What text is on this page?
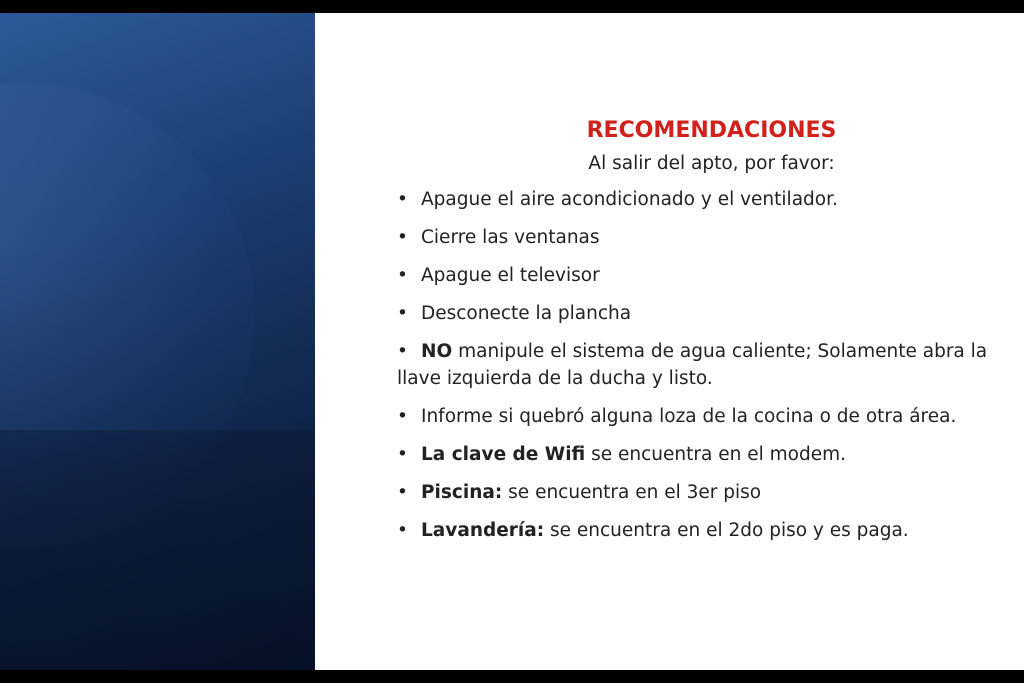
RECOMENDACIONES
Al salir del apto, por favor:
• Apague el aire acondicionado y el ventilador.
• Cierre las ventanas
• Apague el televisor
• Desconecte la plancha
• NO manipule el sistema de agua caliente; Solamente abra la llave izquierda de la ducha y listo.
• Informe si quebró alguna loza de la cocina o de otra área.
• La clave de Wifi se encuentra en el modem.
• Piscina: se encuentra en el 3er piso
• Lavandería: se encuentra en el 2do piso y es paga.
